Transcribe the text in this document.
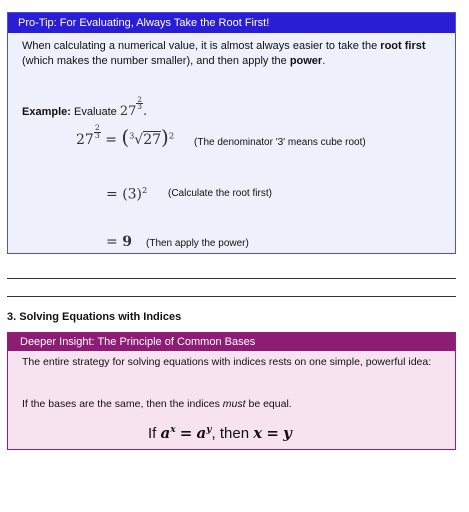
Pro-Tip: For Evaluating, Always Take the Root First!
When calculating a numerical value, it is almost always easier to take the root first
(which makes the number smaller), and then apply the power.
Example: Evaluate $27 \frac{2}{3}$ .
$27 \frac{2}{3} = (^3√27)^2$
(The denominator '3' means cube root)
= $(3)^2$ (Calculate the root first)
= 9 (Then apply the power)
3. Solving Equations with Indices
Deeper Insight: The Principle of Common Bases
The entire strategy for solving equations with indices rests on one simple, powerful idea:
If the bases are the same, then the indices must be equal.
If $a^x = a^y$, then x = y
